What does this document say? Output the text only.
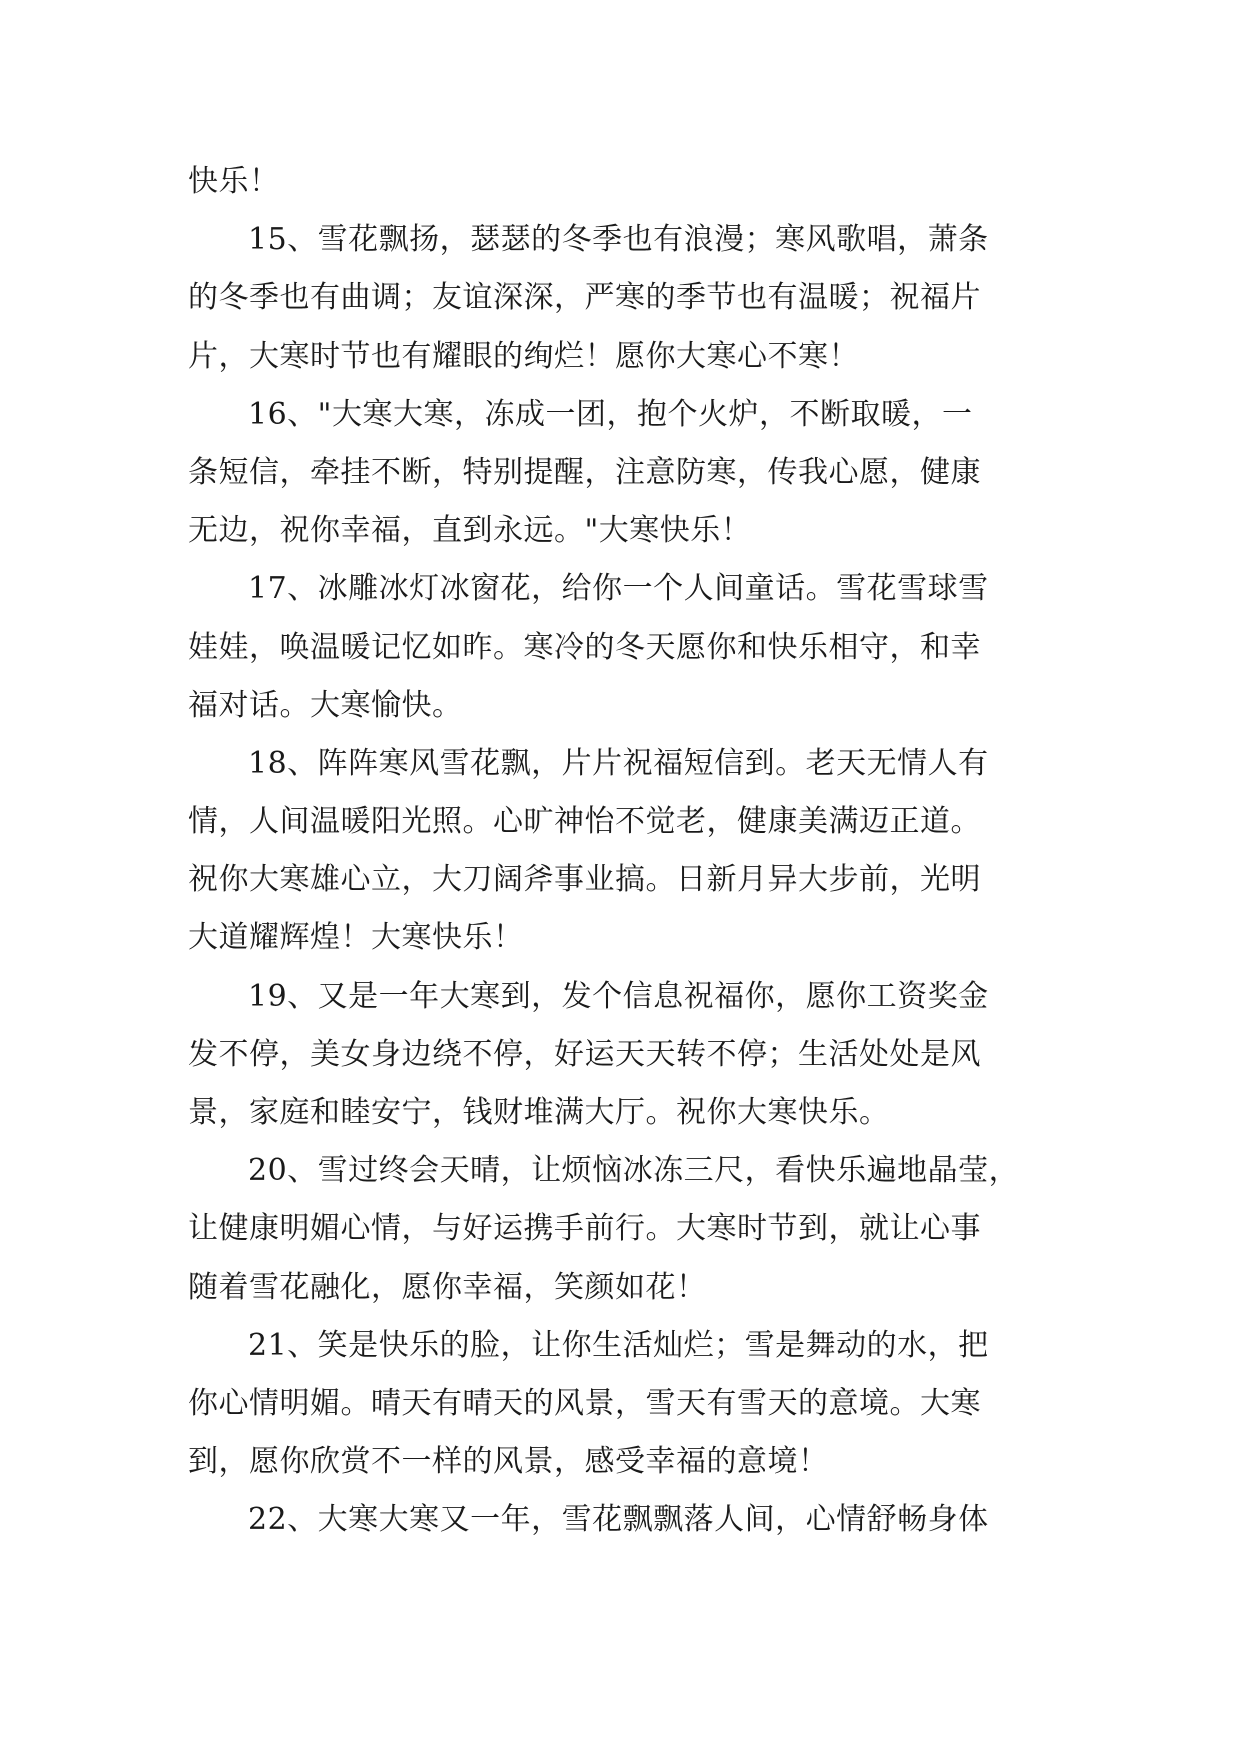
快乐！
15、雪花飘扬，瑟瑟的冬季也有浪漫；寒风歌唱，萧条
的冬季也有曲调；友谊深深，严寒的季节也有温暖；祝福片
片，大寒时节也有耀眼的绚烂！愿你大寒心不寒！
16、"大寒大寒，冻成一团，抱个火炉，不断取暖，一
条短信，牵挂不断，特别提醒，注意防寒，传我心愿，健康
无边，祝你幸福，直到永远。"大寒快乐！
17、冰雕冰灯冰窗花，给你一个人间童话。雪花雪球雪
娃娃，唤温暖记忆如昨。寒冷的冬天愿你和快乐相守，和幸
福对话。大寒愉快。
18、阵阵寒风雪花飘，片片祝福短信到。老天无情人有
情，人间温暖阳光照。心旷神怡不觉老，健康美满迈正道。
祝你大寒雄心立，大刀阔斧事业搞。日新月异大步前，光明
大道耀辉煌！大寒快乐！
19、又是一年大寒到，发个信息祝福你，愿你工资奖金
发不停，美女身边绕不停，好运天天转不停；生活处处是风
景，家庭和睦安宁，钱财堆满大厅。祝你大寒快乐。
20、雪过终会天晴，让烦恼冰冻三尺，看快乐遍地晶莹，
让健康明媚心情，与好运携手前行。大寒时节到，就让心事
随着雪花融化，愿你幸福，笑颜如花！
21、笑是快乐的脸，让你生活灿烂；雪是舞动的水，把
你心情明媚。晴天有晴天的风景，雪天有雪天的意境。大寒
到，愿你欣赏不一样的风景，感受幸福的意境！
22、大寒大寒又一年，雪花飘飘落人间，心情舒畅身体
